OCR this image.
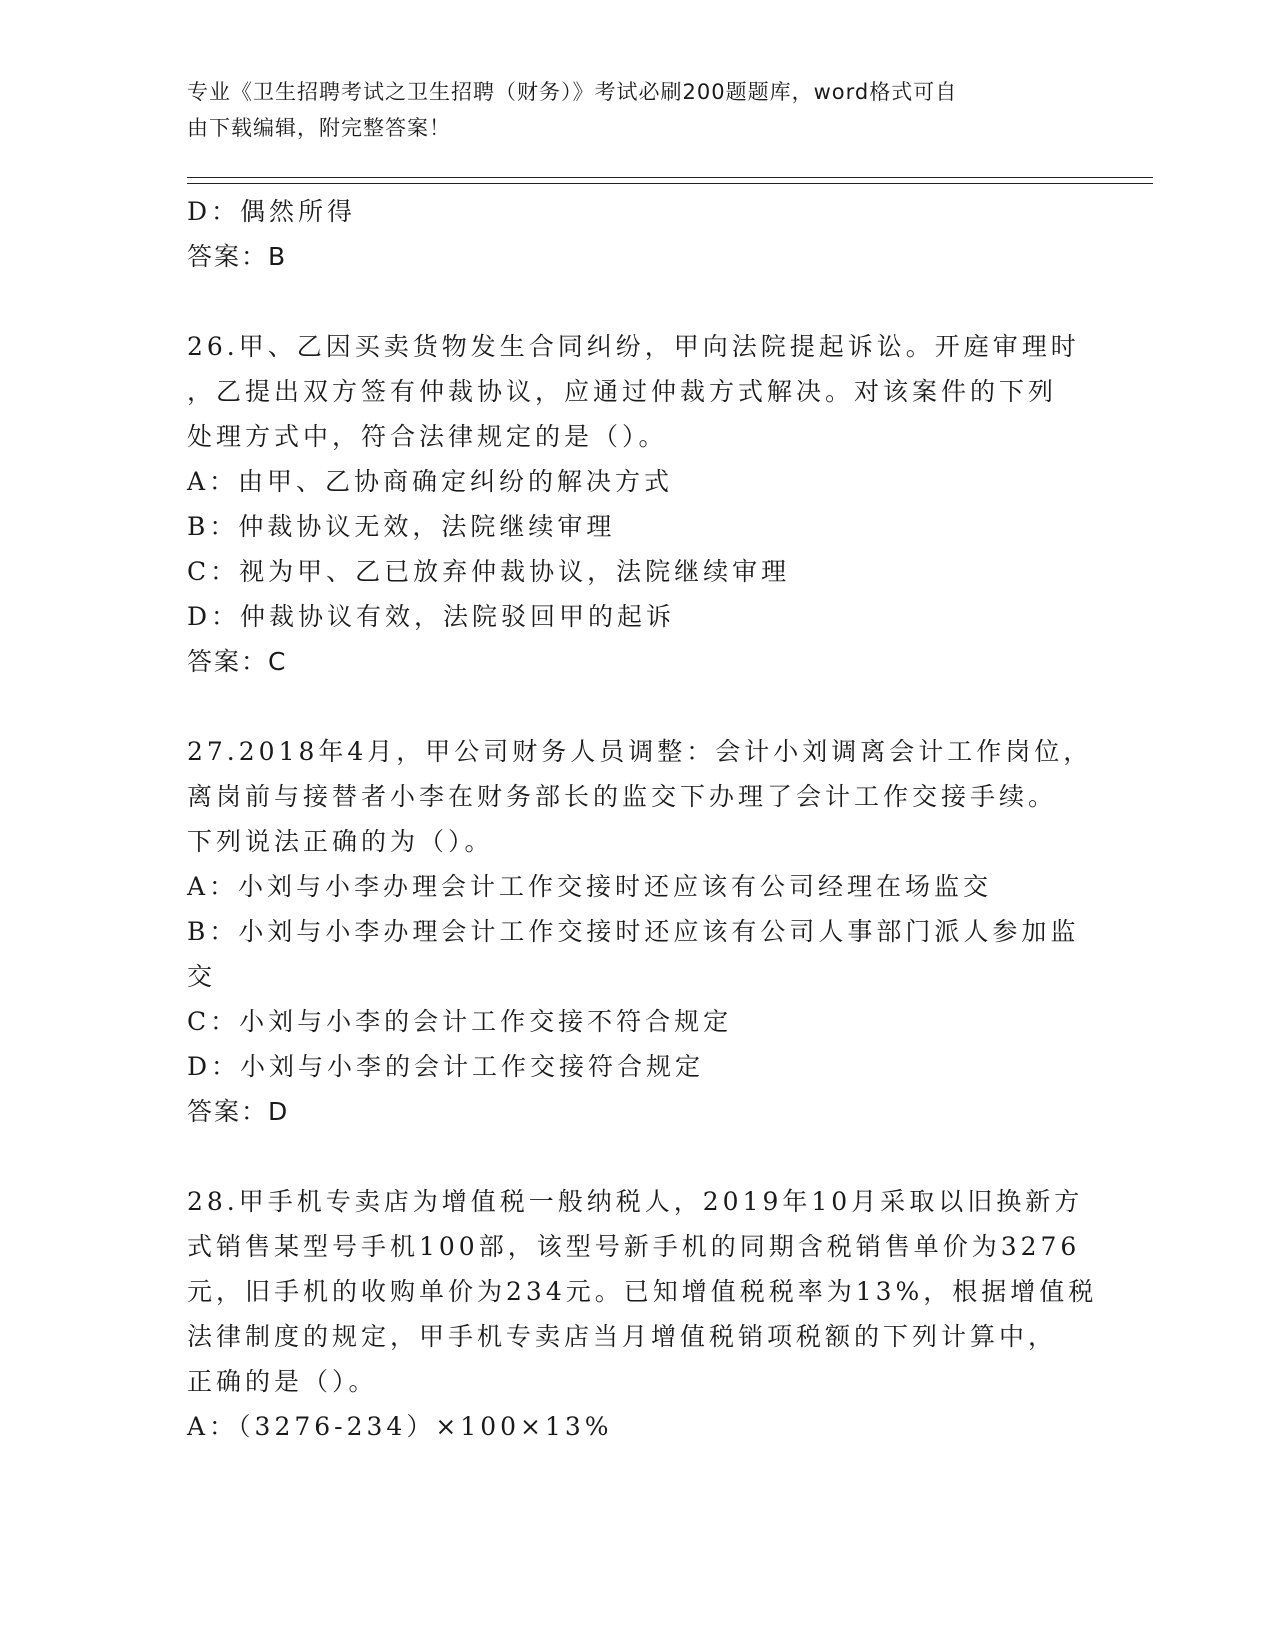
专业《卫生招聘考试之卫生招聘（财务）》考试必刷200题题库，word格式可自
由下载编辑，附完整答案！
D：偶然所得
答案：B
26.甲、乙因买卖货物发生合同纠纷，甲向法院提起诉讼。开庭审理时
，乙提出双方签有仲裁协议，应通过仲裁方式解决。对该案件的下列
处理方式中，符合法律规定的是（）。
A：由甲、乙协商确定纠纷的解决方式
B：仲裁协议无效，法院继续审理
C：视为甲、乙已放弃仲裁协议，法院继续审理
D：仲裁协议有效，法院驳回甲的起诉
答案：C
27.2018年4月，甲公司财务人员调整：会计小刘调离会计工作岗位，
离岗前与接替者小李在财务部长的监交下办理了会计工作交接手续。
下列说法正确的为（）。
A：小刘与小李办理会计工作交接时还应该有公司经理在场监交
B：小刘与小李办理会计工作交接时还应该有公司人事部门派人参加监
交
C：小刘与小李的会计工作交接不符合规定
D：小刘与小李的会计工作交接符合规定
答案：D
28.甲手机专卖店为增值税一般纳税人，2019年10月采取以旧换新方
式销售某型号手机100部，该型号新手机的同期含税销售单价为3276
元，旧手机的收购单价为234元。已知增值税税率为13%，根据增值税
法律制度的规定，甲手机专卖店当月增值税销项税额的下列计算中，
正确的是（）。
A：（3276-234）×100×13%
